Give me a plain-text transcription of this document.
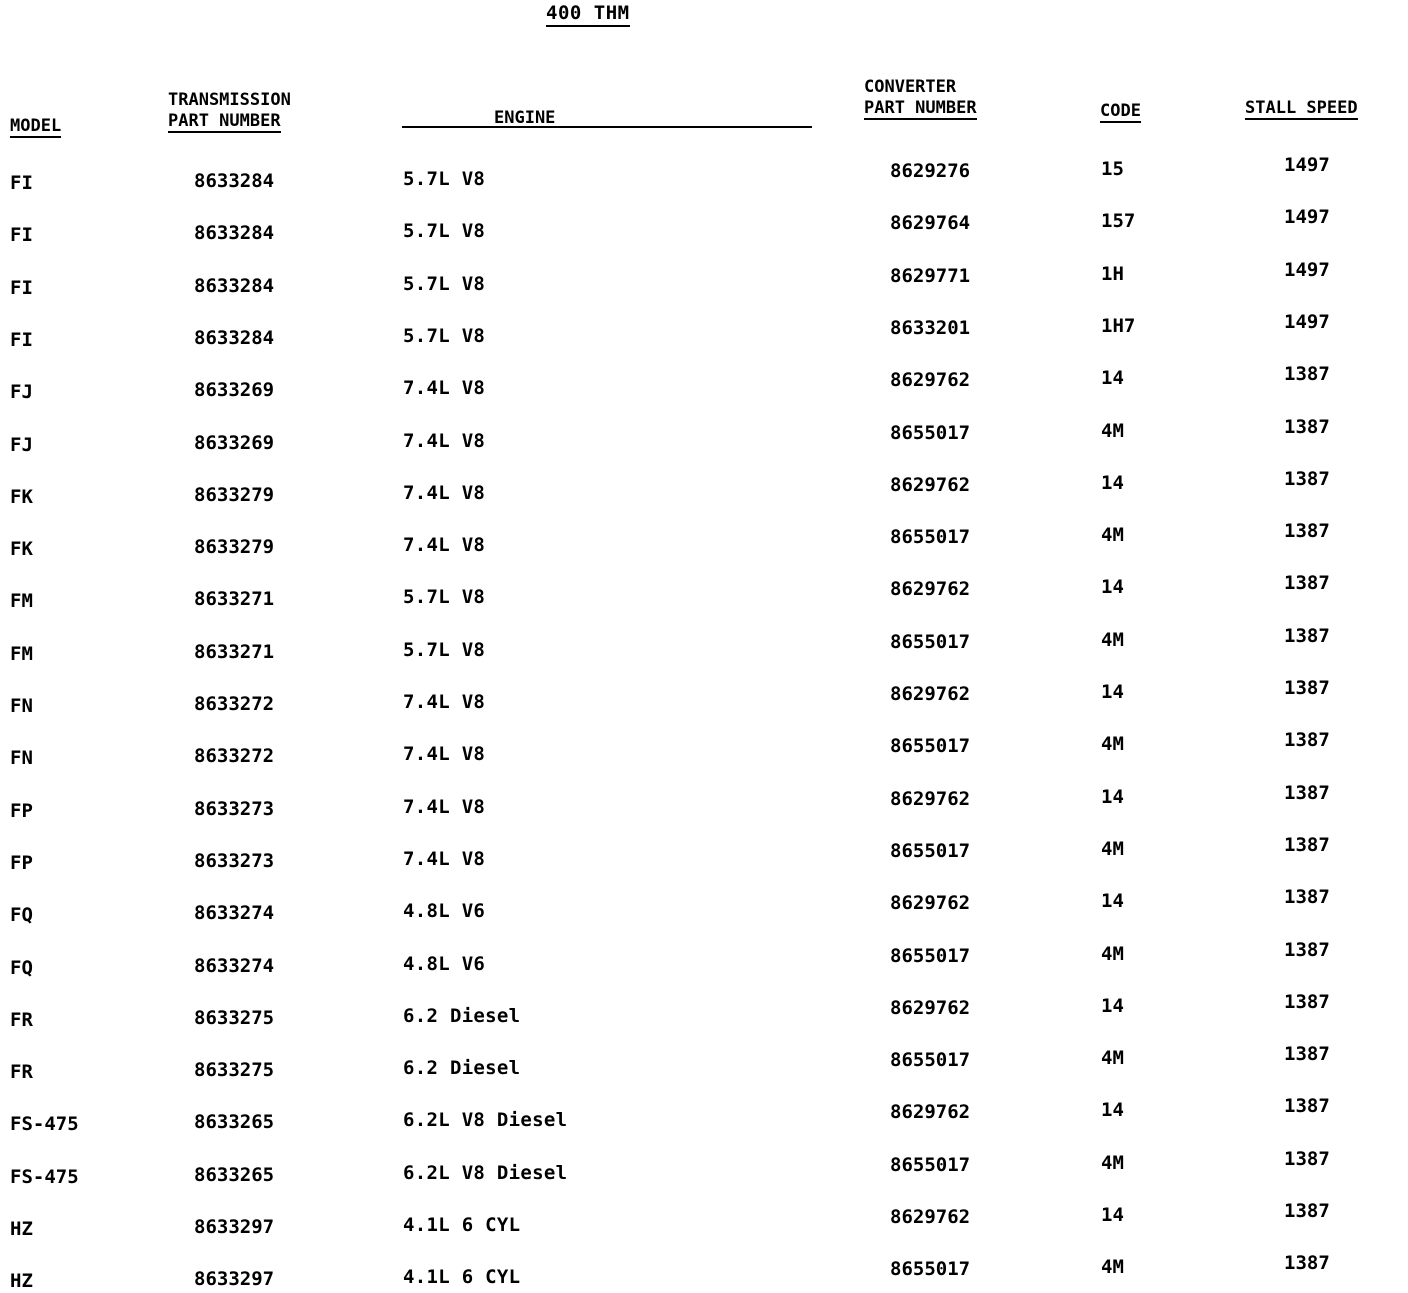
400 THM
MODEL
TRANSMISSION
PART NUMBER	ENGINE
CONVERTER
PART NUMBER	CODE	STALL SPEED
FI	8633284	5.7L V8	8629276	15	1497
FI	8633284	5.7L V8	8629764	157	1497
FI	8633284	5.7L V8	8629771	1H	1497
FI	8633284	5.7L V8	8633201	1H7	1497
FJ	8633269	7.4L V8	8629762	14	1387
FJ	8633269	7.4L V8	8655017	4M	1387
FK	8633279	7.4L V8	8629762	14	1387
FK	8633279	7.4L V8	8655017	4M	1387
FM	8633271	5.7L V8	8629762	14	1387
FM	8633271	5.7L V8	8655017	4M	1387
FN	8633272	7.4L V8	8629762	14	1387
FN	8633272	7.4L V8	8655017	4M	1387
FP	8633273	7.4L V8	8629762	14	1387
FP	8633273	7.4L V8	8655017	4M	1387
FQ	8633274	4.8L V6	8629762	14	1387
FQ	8633274	4.8L V6	8655017	4M	1387
FR	8633275	6.2 Diesel	8629762	14	1387
FR	8633275	6.2 Diesel	8655017	4M	1387
FS-475	8633265	6.2L V8 Diesel	8629762	14	1387
FS-475	8633265	6.2L V8 Diesel	8655017	4M	1387
HZ	8633297	4.1L 6 CYL	8629762	14	1387
HZ	8633297	4.1L 6 CYL	8655017	4M	1387
